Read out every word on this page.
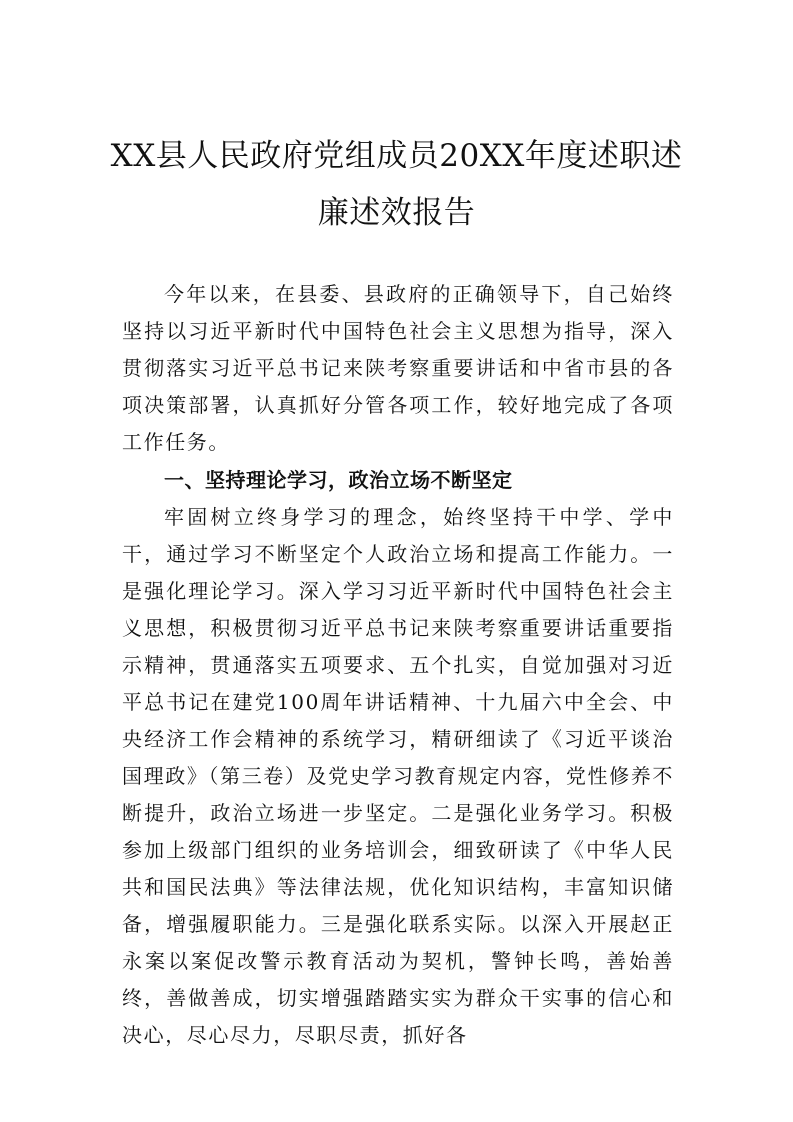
XX县人民政府党组成员20XX年度述职述
廉述效报告

今年以来，在县委、县政府的正确领导下，自己始终坚持以习近平新时代中国特色社会主义思想为指导，深入贯彻落实习近平总书记来陕考察重要讲话和中省市县的各项决策部署，认真抓好分管各项工作，较好地完成了各项工作任务。

一、坚持理论学习，政治立场不断坚定

牢固树立终身学习的理念，始终坚持干中学、学中干，通过学习不断坚定个人政治立场和提高工作能力。一是强化理论学习。深入学习习近平新时代中国特色社会主义思想，积极贯彻习近平总书记来陕考察重要讲话重要指示精神，贯通落实五项要求、五个扎实，自觉加强对习近平总书记在建党100周年讲话精神、十九届六中全会、中央经济工作会精神的系统学习，精研细读了《习近平谈治国理政》（第三卷）及党史学习教育规定内容，党性修养不断提升，政治立场进一步坚定。二是强化业务学习。积极参加上级部门组织的业务培训会，细致研读了《中华人民共和国民法典》等法律法规，优化知识结构，丰富知识储备，增强履职能力。三是强化联系实际。以深入开展赵正永案以案促改警示教育活动为契机，警钟长鸣，善始善终，善做善成，切实增强踏踏实实为群众干实事的信心和决心，尽心尽力，尽职尽责，抓好各
